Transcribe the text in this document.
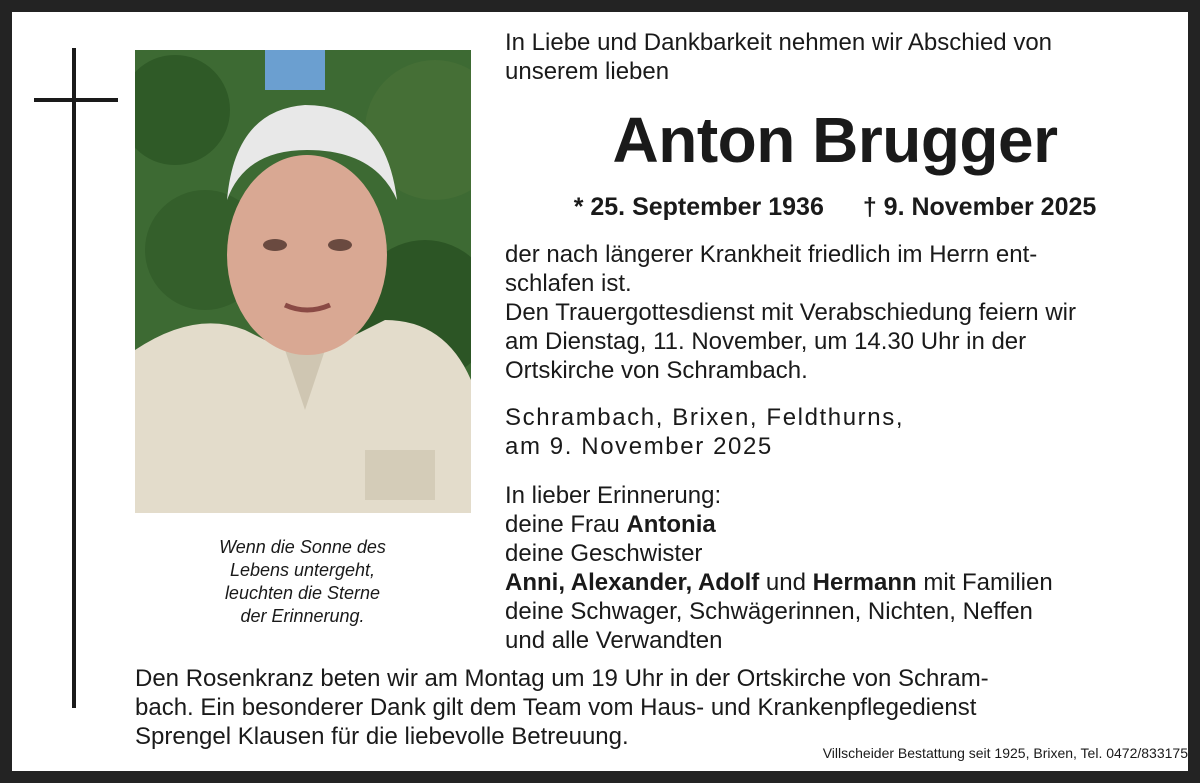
Wenn die Sonne des
Lebens untergeht,
leuchten die Sterne
der Erinnerung.
In Liebe und Dankbarkeit nehmen wir Abschied von
unserem lieben
Anton Brugger
* 25. September 1936 † 9. November 2025
der nach längerer Krankheit friedlich im Herrn ent-
schlafen ist.
Den Trauergottesdienst mit Verabschiedung feiern wir
am Dienstag, 11. November, um 14.30 Uhr in der
Ortskirche von Schrambach.
Schrambach, Brixen, Feldthurns,
am 9. November 2025
In lieber Erinnerung:
deine Frau Antonia
deine Geschwister
Anni, Alexander, Adolf und Hermann mit Familien
deine Schwager, Schwägerinnen, Nichten, Neffen
und alle Verwandten
Den Rosenkranz beten wir am Montag um 19 Uhr in der Ortskirche von Schram-
bach. Ein besonderer Dank gilt dem Team vom Haus- und Krankenpflegedienst
Sprengel Klausen für die liebevolle Betreuung.
Villscheider Bestattung seit 1925, Brixen, Tel. 0472/833175
